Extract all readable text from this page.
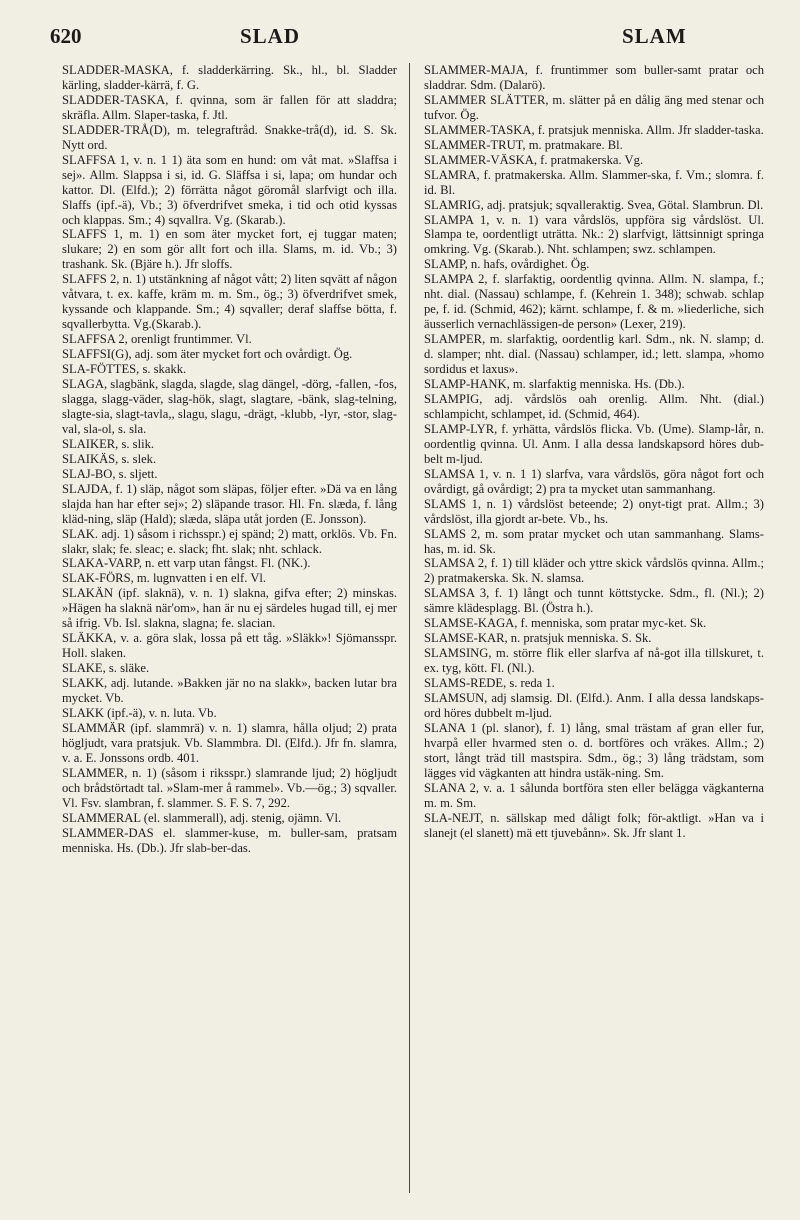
620	SLAD	SLAM

SLADDER-MASKA, f. sladderkärring. Sk., hl., bl. Sladder kärling, sladder-kärrä, f. G.

SLADDER-TASKA, f. qvinna, som är fallen för att sladdra; skräfla. Allm. Slaper-taska, f. Jtl.

SLADDER-TRÅ(D), m. telegraftråd. Snakke-trå(d), id. S. Sk. Nytt ord.

SLAFFSA 1, v. n. 1 1) äta som en hund: om våt mat. »Slaffsa i sej». Allm. Slappsa i si, id. G. Släffsa i si, lapa; om hundar och kattor. Dl. (Elfd.); 2) förrätta något göromål slarfvigt och illa. Slaffs (ipf.-ä), Vb.; 3) öfverdrifvet smeka, i tid och otid kyssas och klappas. Sm.; 4) sqvallra. Vg. (Skarab.).

SLAFFS 1, m. 1) en som äter mycket fort, ej tuggar maten; slukare; 2) en som gör allt fort och illa. Slams, m. id. Vb.; 3) trashank. Sk. (Bjäre h.). Jfr sloffs.

SLAFFS 2, n. 1) utstänkning af något vått; 2) liten sqvätt af någon våtvara, t. ex. kaffe, kräm m. m. Sm., ög.; 3) öfverdrifvet smek, kyssande och klappande. Sm.; 4) sqvaller; deraf slaffse bötta, f. sqvallerbytta. Vg.(Skarab.).

SLAFFSA 2, orenligt fruntimmer. Vl.

SLAFFSI(G), adj. som äter mycket fort och ovårdigt. Ög.

SLA-FÖTTES, s. skakk.

SLAGA, slagbänk, slagda, slagde, slag dängel, -dörg, -fallen, -fos, slagga, slagg-väder, slag-hök, slagt, slagtare, -bänk, slag-telning, slagte-sia, slagt-tavla,, slagu, slagu, -drägt, -klubb, -lyr, -stor, slag-val, sla-ol, s. sla.

SLAIKER, s. slik.

SLAIKÄS, s. slek.

SLAJ-BO, s. sljett.

SLAJDA, f. 1) släp, något som släpas, följer efter. »Dä va en lång slajda han har efter sej»; 2) släpande trasor. Hl. Fn. slæda, f. lång kläd-ning, släp (Hald); slæda, släpa utåt jorden (E. Jonsson).

SLAK. adj. 1) såsom i richsspr.) ej spänd; 2) matt, orklös. Vb. Fn. slakr, slak; fe. sleac; e. slack; fht. slak; nht. schlack.

SLAKA-VARP, n. ett varp utan fångst. Fl. (NK.).

SLAK-FÖRS, m. lugnvatten i en elf. Vl.

SLAKÄN (ipf. slaknä), v. n. 1) slakna, gifva efter; 2) minskas. »Hägen ha slaknä när'om», han är nu ej särdeles hugad till, ej mer så ifrig. Vb. Isl. slakna, slagna; fe. slacian.

SLÄKKA, v. a. göra slak, lossa på ett tåg. »Släkk»! Sjömansspr. Holl. slaken.

SLAKE, s. släke.

SLAKK, adj. lutande. »Bakken jär no na slakk», backen lutar bra mycket. Vb.

SLAKK (ipf.-ä), v. n. luta. Vb.

SLAMMÄR (ipf. slammrä) v. n. 1) slamra, hålla oljud; 2) prata högljudt, vara pratsjuk. Vb. Slammbra. Dl. (Elfd.). Jfr fn. slamra, v. a. E. Jonssons ordb. 401.

SLAMMER, n. 1) (såsom i riksspr.) slamrande ljud; 2) högljudt och brådstörtadt tal. »Slam-mer å rammel». Vb.—ög.; 3) sqvaller. Vl. Fsv. slambran, f. slammer. S. F. S. 7, 292.

SLAMMERAL (el. slammerall), adj. stenig, ojämn. Vl.

SLAMMER-DAS el. slammer-kuse, m. buller-sam, pratsam menniska. Hs. (Db.). Jfr slab-ber-das.

SLAMMER-MAJA, f. fruntimmer som buller-samt pratar och sladdrar. Sdm. (Dalarö).

SLAMMER SLÄTTER, m. slätter på en dålig äng med stenar och tufvor. Ög.

SLAMMER-TASKA, f. pratsjuk menniska. Allm. Jfr sladder-taska.

SLAMMER-TRUT, m. pratmakare. Bl.

SLAMMER-VÄSKA, f. pratmakerska. Vg.

SLAMRA, f. pratmakerska. Allm. Slammer-ska, f. Vm.; slomra. f. id. Bl.

SLAMRIG, adj. pratsjuk; sqvalleraktig. Svea, Götal. Slambrun. Dl.

SLAMPA 1, v. n. 1) vara vårdslös, uppföra sig vårdslöst. Ul. Slampa te, oordentligt uträtta. Nk.: 2) slarfvigt, lättsinnigt springa omkring. Vg. (Skarab.). Nht. schlampen; swz. schlampen.

SLAMP, n. hafs, ovårdighet. Ög.

SLAMPA 2, f. slarfaktig, oordentlig qvinna. Allm. N. slampa, f.; nht. dial. (Nassau) schlampe, f. (Kehrein 1. 348); schwab. schlap pe, f. id. (Schmid, 462); kärnt. schlampe, f. & m. »liederliche, sich äusserlich vernachlässigen-de person» (Lexer, 219).

SLAMPER, m. slarfaktig, oordentlig karl. Sdm., nk. N. slamp; d. d. slamper; nht. dial. (Nassau) schlamper, id.; lett. slampa, »homo sordidus et laxus».

SLAMP-HANK, m. slarfaktig menniska. Hs. (Db.).

SLAMPIG, adj. vårdslös oah orenlig. Allm. Nht. (dial.) schlampicht, schlampet, id. (Schmid, 464).

SLAMP-LYR, f. yrhätta, vårdslös flicka. Vb. (Ume). Slamp-lår, n. oordentlig qvinna. Ul. Anm. I alla dessa landskapsord höres dub-belt m-ljud.

SLAMSA 1, v. n. 1 1) slarfva, vara vårdslös, göra något fort och ovårdigt, gå ovårdigt; 2) pra ta mycket utan sammanhang.

SLAMS 1, n. 1) vårdslöst beteende; 2) onyt-tigt prat. Allm.; 3) vårdslöst, illa gjordt ar-bete. Vb., hs.

SLAMS 2, m. som pratar mycket och utan sammanhang. Slams-has, m. id. Sk.

SLAMSA 2, f. 1) till kläder och yttre skick vårdslös qvinna. Allm.; 2) pratmakerska. Sk. N. slamsa.

SLAMSA 3, f. 1) långt och tunnt köttstycke. Sdm., fl. (Nl.); 2) sämre klädesplagg. Bl. (Östra h.).

SLAMSE-KAGA, f. menniska, som pratar myc-ket. Sk.

SLAMSE-KAR, n. pratsjuk menniska. S. Sk.

SLAMSING, m. större flik eller slarfva af nå-got illa tillskuret, t. ex. tyg, kött. Fl. (Nl.).

SLAMS-REDE, s. reda 1.

SLAMSUN, adj slamsig. Dl. (Elfd.). Anm. I alla dessa landskaps-ord höres dubbelt m-ljud.

SLANA 1 (pl. slanor), f. 1) lång, smal trästam af gran eller fur, hvarpå eller hvarmed sten o. d. bortföres och vräkes. Allm.; 2) stort, långt träd till mastspira. Sdm., ög.; 3) lång trädstam, som lägges vid vägkanten att hindra ustäk-ning. Sm.

SLANA 2, v. a. 1 sålunda bortföra sten eller belägga vägkanterna m. m. Sm.

SLA-NEJT, n. sällskap med dåligt folk; för-aktligt. »Han va i slanejt (el slanett) mä ett tjuvebånn». Sk. Jfr slant 1.
